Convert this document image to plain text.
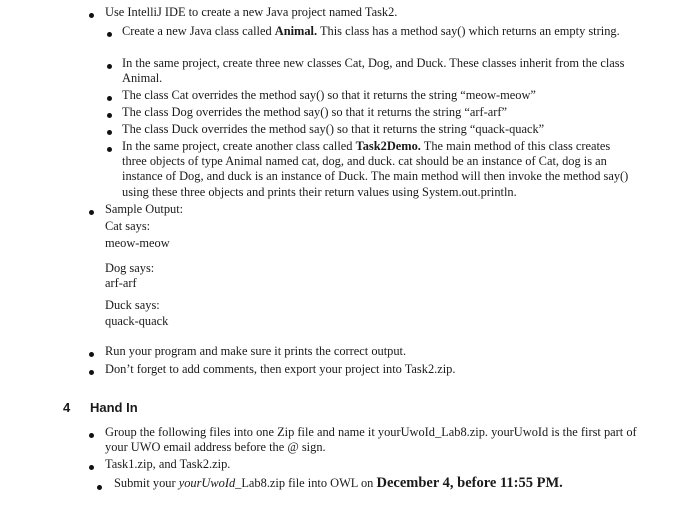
Use IntelliJ IDE to create a new Java project named Task2.
Create a new Java class called Animal. This class has a method say() which returns an empty string.
In the same project, create three new classes Cat, Dog, and Duck. These classes inherit from the class Animal.
The class Cat overrides the method say() so that it returns the string “meow-meow”
The class Dog overrides the method say() so that it returns the string “arf-arf”
The class Duck overrides the method say() so that it returns the string “quack-quack”
In the same project, create another class called Task2Demo. The main method of this class creates three objects of type Animal named cat, dog, and duck. cat should be an instance of Cat, dog is an instance of Dog, and duck is an instance of Duck. The main method will then invoke the method say() using these three objects and prints their return values using System.out.println.
Sample Output:
Cat says:
meow-meow
Dog says:
arf-arf
Duck says:
quack-quack
Run your program and make sure it prints the correct output.
Don’t forget to add comments, then export your project into Task2.zip.
4 Hand In
Group the following files into one Zip file and name it yourUwoId_Lab8.zip. yourUwoId is the first part of your UWO email address before the @ sign.
Task1.zip, and Task2.zip.
Submit your yourUwoId_Lab8.zip file into OWL on December 4, before 11:55 PM.
